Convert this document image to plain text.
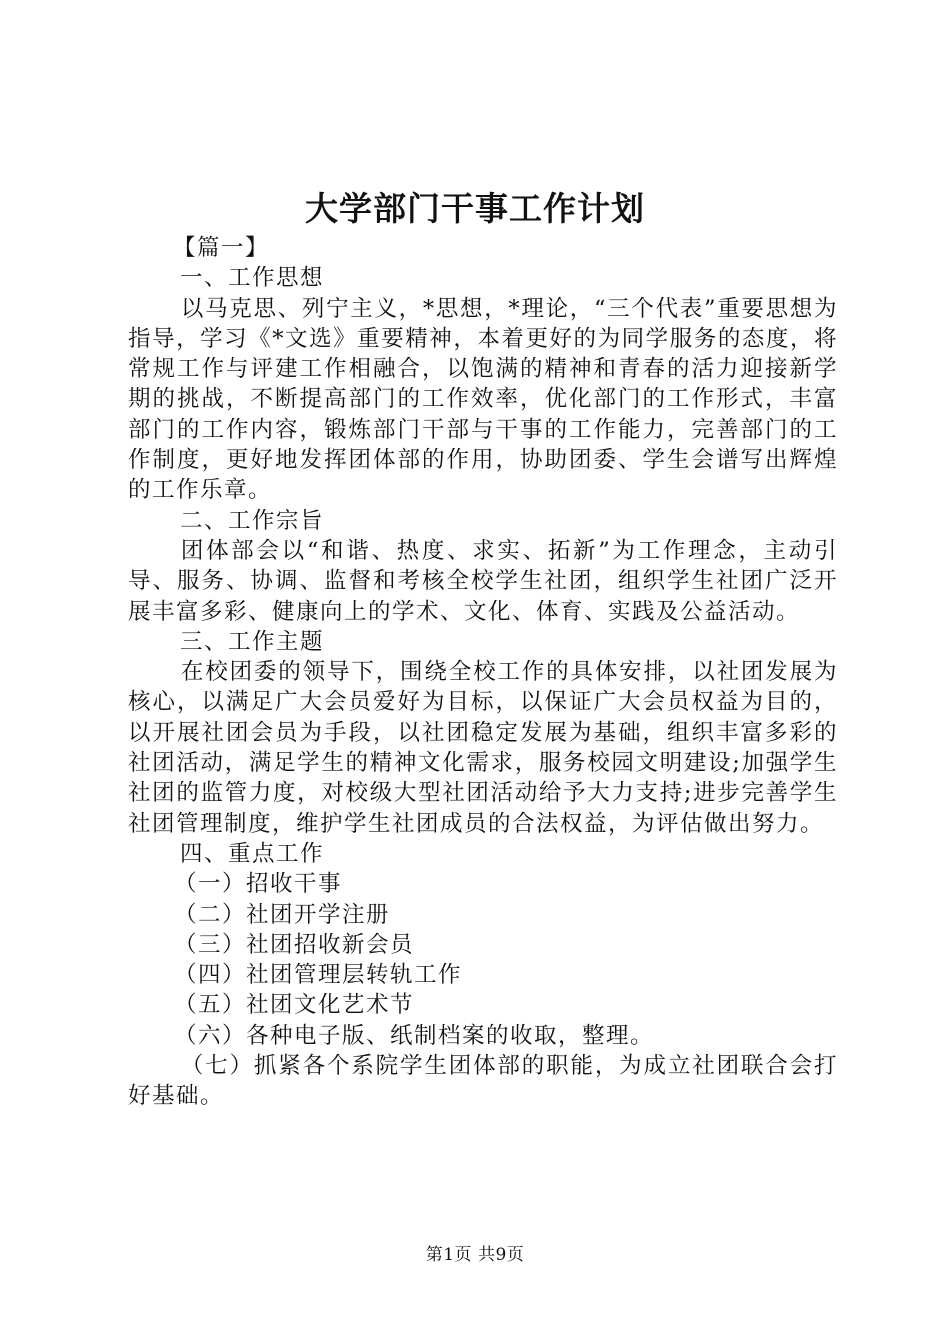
大学部门干事工作计划

【篇一】

一、工作思想

以马克思、列宁主义，*思想，*理论，“三个代表”重要思想为指导，学习《*文选》重要精神，本着更好的为同学服务的态度，将常规工作与评建工作相融合，以饱满的精神和青春的活力迎接新学期的挑战，不断提高部门的工作效率，优化部门的工作形式，丰富部门的工作内容，锻炼部门干部与干事的工作能力，完善部门的工作制度，更好地发挥团体部的作用，协助团委、学生会谱写出辉煌的工作乐章。

二、工作宗旨

团体部会以“和谐、热度、求实、拓新”为工作理念，主动引导、服务、协调、监督和考核全校学生社团，组织学生社团广泛开展丰富多彩、健康向上的学术、文化、体育、实践及公益活动。

三、工作主题

在校团委的领导下，围绕全校工作的具体安排，以社团发展为核心，以满足广大会员爱好为目标，以保证广大会员权益为目的，以开展社团会员为手段，以社团稳定发展为基础，组织丰富多彩的社团活动，满足学生的精神文化需求，服务校园文明建设;加强学生社团的监管力度，对校级大型社团活动给予大力支持;进步完善学生社团管理制度，维护学生社团成员的合法权益，为评估做出努力。

四、重点工作

（一）招收干事

（二）社团开学注册

（三）社团招收新会员

（四）社团管理层转轨工作

（五）社团文化艺术节

（六）各种电子版、纸制档案的收取，整理。

（七）抓紧各个系院学生团体部的职能，为成立社团联合会打好基础。

第1页 共9页
